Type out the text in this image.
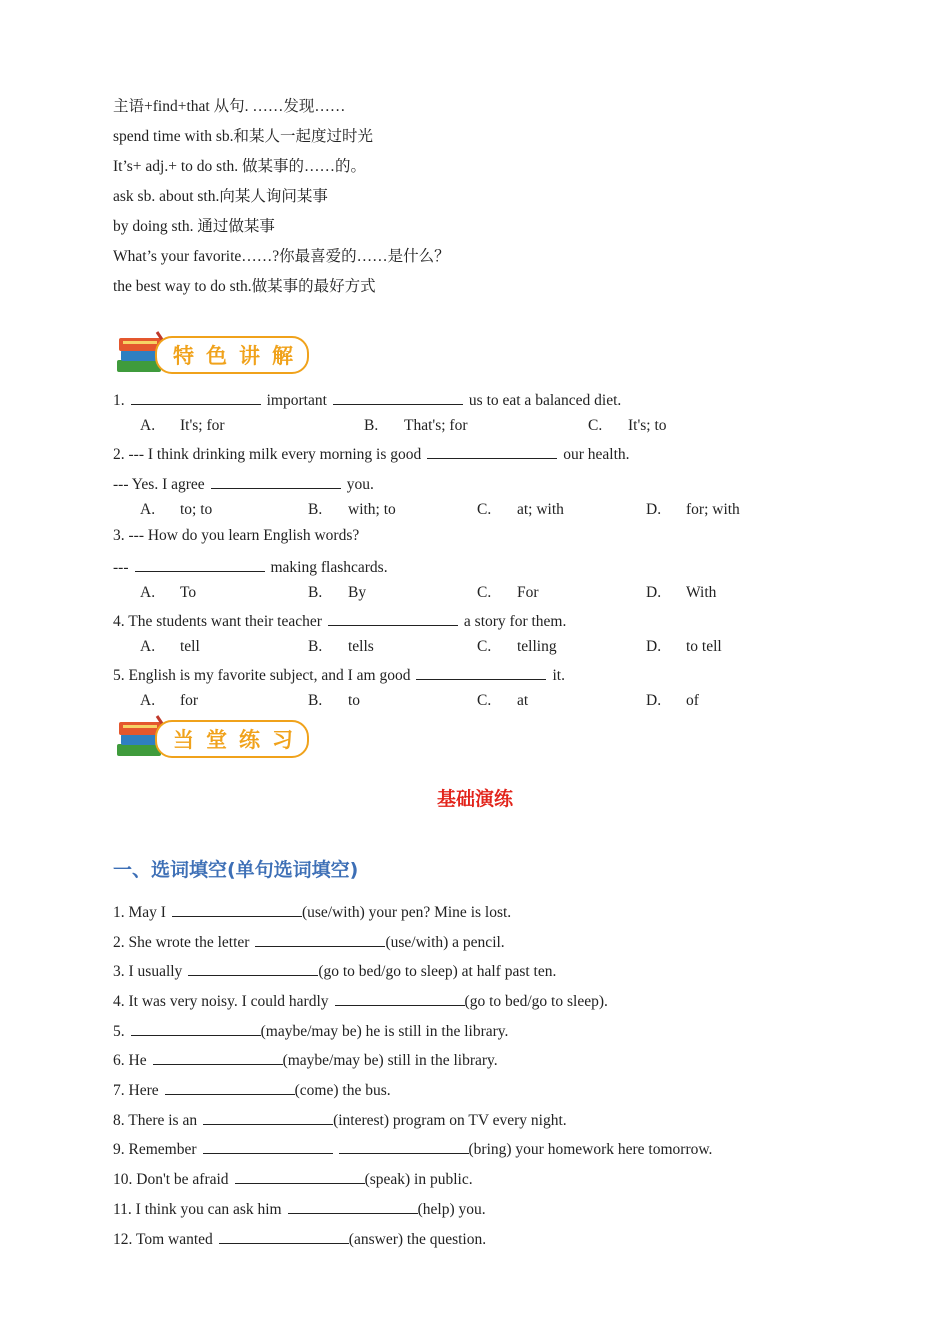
主语+find+that 从句. ……发现……
spend time with sb.和某人一起度过时光
It’s+ adj.+ to do sth. 做某事的……的。
ask sb. about sth.向某人询问某事
by doing sth. 通过做某事
What’s your favorite……?你最喜爱的……是什么？
the best way to do sth.做某事的最好方式
特色讲解
1.	important	us to eat a balanced diet.
A. It's; for	B. That's; for	C. It's; to
2. --- I think drinking milk every morning is good	our health.
--- Yes. I agree	you.
A. to; to	B. with; to	C. at; with	D. for; with
3. --- How do you learn English words?
---	making flashcards.
A. To	B. By	C. For	D. With
4. The students want their teacher	a story for them.
A. tell	B. tells	C. telling	D. to tell
5. English is my favorite subject, and I am good	it.
A. for	B. to	C. at	D. of
当堂练习
基础演练
一、选词填空(单句选词填空)
1. May I	(use/with) your pen? Mine is lost.
2. She wrote the letter	(use/with) a pencil.
3. I usually	(go to bed/go to sleep) at half past ten.
4. It was very noisy. I could hardly	(go to bed/go to sleep).
5.	(maybe/may be) he is still in the library.
6. He	(maybe/may be) still in the library.
7. Here	(come) the bus.
8. There is an	(interest) program on TV every night.
9. Remember	(bring) your homework here tomorrow.
10. Don't be afraid	(speak) in public.
11. I think you can ask him	(help) you.
12. Tom wanted	(answer) the question.
